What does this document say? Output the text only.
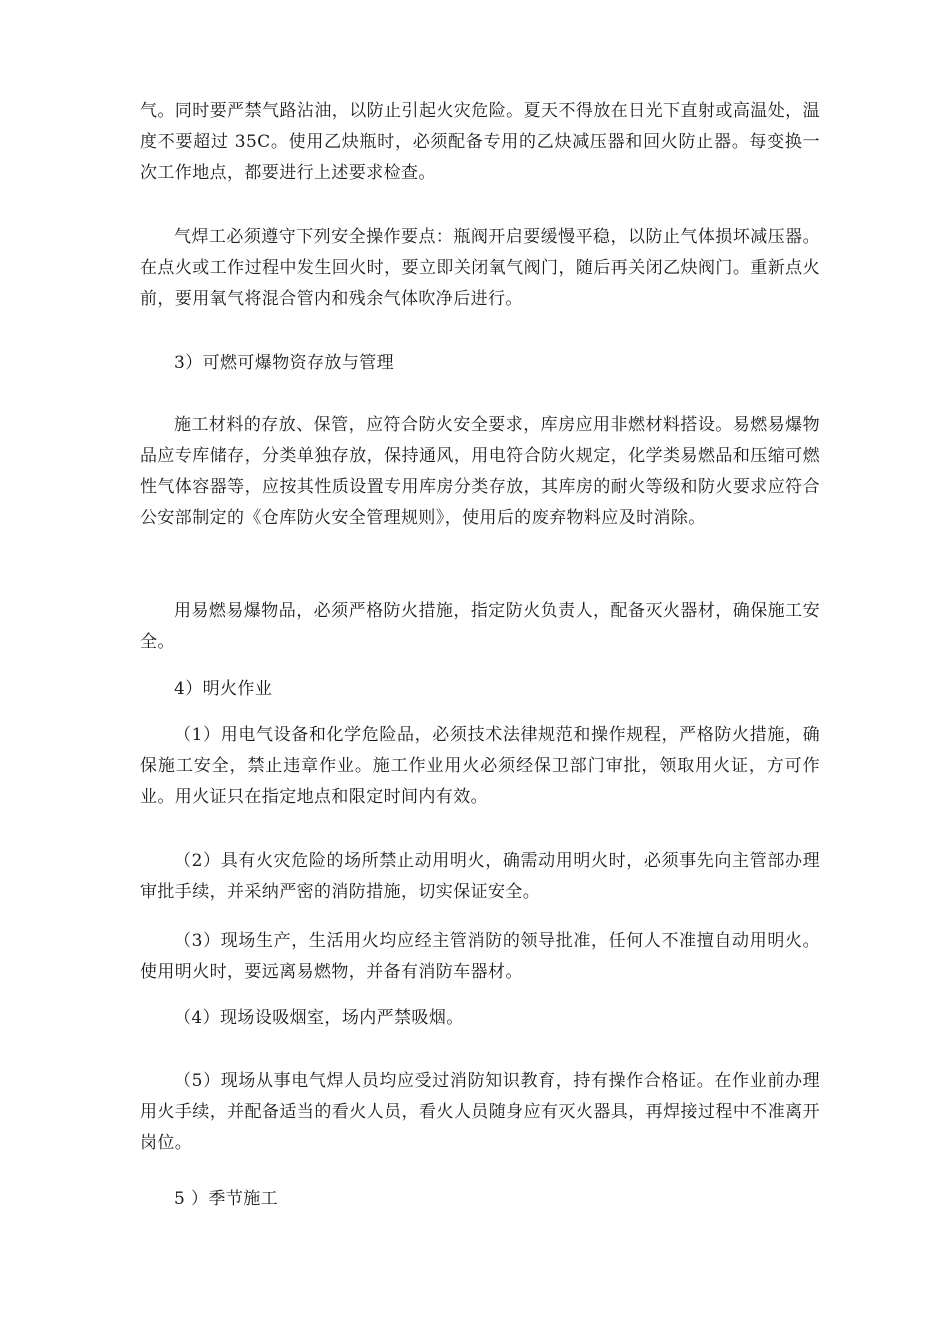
气。同时要严禁气路沾油，以防止引起火灾危险。夏天不得放在日光下直射或高温处，温度不要超过 35C。使用乙炔瓶时，必须配备专用的乙炔减压器和回火防止器。每变换一次工作地点，都要进行上述要求检查。

气焊工必须遵守下列安全操作要点：瓶阀开启要缓慢平稳，以防止气体损坏减压器。在点火或工作过程中发生回火时，要立即关闭氧气阀门，随后再关闭乙炔阀门。重新点火前，要用氧气将混合管内和残余气体吹净后进行。

3）可燃可爆物资存放与管理

施工材料的存放、保管，应符合防火安全要求，库房应用非燃材料搭设。易燃易爆物品应专库储存，分类单独存放，保持通风，用电符合防火规定，化学类易燃品和压缩可燃性气体容器等，应按其性质设置专用库房分类存放，其库房的耐火等级和防火要求应符合公安部制定的《仓库防火安全管理规则》，使用后的废弃物料应及时消除。

用易燃易爆物品，必须严格防火措施，指定防火负责人，配备灭火器材，确保施工安全。

4）明火作业

（1）用电气设备和化学危险品，必须技术法律规范和操作规程，严格防火措施，确保施工安全，禁止违章作业。施工作业用火必须经保卫部门审批，领取用火证，方可作业。用火证只在指定地点和限定时间内有效。

（2）具有火灾危险的场所禁止动用明火，确需动用明火时，必须事先向主管部办理审批手续，并采纳严密的消防措施，切实保证安全。

（3）现场生产，生活用火均应经主管消防的领导批准，任何人不准擅自动用明火。使用明火时，要远离易燃物，并备有消防车器材。

（4）现场设吸烟室，场内严禁吸烟。

（5）现场从事电气焊人员均应受过消防知识教育，持有操作合格证。在作业前办理用火手续，并配备适当的看火人员，看火人员随身应有灭火器具，再焊接过程中不准离开岗位。

5 ）季节施工
